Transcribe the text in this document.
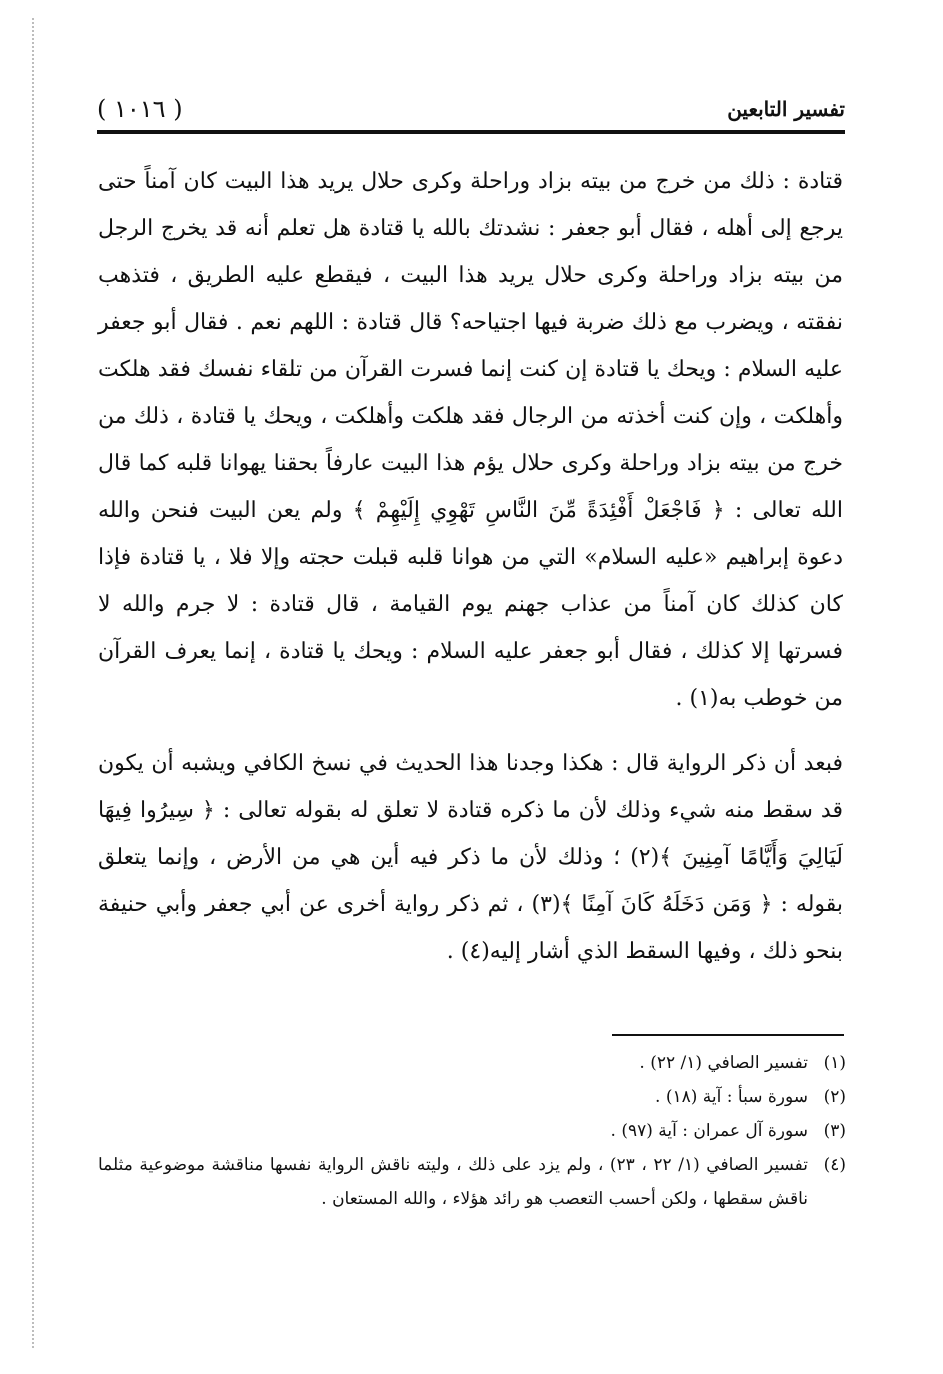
تفسير التابعين
( ١٠١٦ )

قتادة : ذلك من خرج من بيته بزاد وراحلة وكرى حلال يريد هذا البيت كان آمناً حتى يرجع إلى أهله ، فقال أبو جعفر : نشدتك بالله يا قتادة هل تعلم أنه قد يخرج الرجل من بيته بزاد وراحلة وكرى حلال يريد هذا البيت ، فيقطع عليه الطريق ، فتذهب نفقته ، ويضرب مع ذلك ضربة فيها اجتياحه؟ قال قتادة : اللهم نعم . فقال أبو جعفر عليه السلام : ويحك يا قتادة إن كنت إنما فسرت القرآن من تلقاء نفسك فقد هلكت وأهلكت ، وإن كنت أخذته من الرجال فقد هلكت وأهلكت ، ويحك يا قتادة ، ذلك من خرج من بيته بزاد وراحلة وكرى حلال يؤم هذا البيت عارفاً بحقنا يهوانا قلبه كما قال الله تعالى : ﴿ فَاجْعَلْ أَفْئِدَةً مِّنَ النَّاسِ تَهْوِي إِلَيْهِمْ ﴾ ولم يعن البيت فنحن والله دعوة إبراهيم «عليه السلام» التي من هوانا قلبه قبلت حجته وإلا فلا ، يا قتادة فإذا كان كذلك كان آمناً من عذاب جهنم يوم القيامة ، قال قتادة : لا جرم والله لا فسرتها إلا كذلك ، فقال أبو جعفر عليه السلام : ويحك يا قتادة ، إنما يعرف القرآن من خوطب به(١) .

فبعد أن ذكر الرواية قال : هكذا وجدنا هذا الحديث في نسخ الكافي ويشبه أن يكون قد سقط منه شيء وذلك لأن ما ذكره قتادة لا تعلق له بقوله تعالى : ﴿ سِيرُوا فِيهَا لَيَالِيَ وَأَيَّامًا آمِنِينَ ﴾(٢) ؛ وذلك لأن ما ذكر فيه أين هي من الأرض ، وإنما يتعلق بقوله : ﴿ وَمَن دَخَلَهُ كَانَ آمِنًا ﴾(٣) ، ثم ذكر رواية أخرى عن أبي جعفر وأبي حنيفة بنحو ذلك ، وفيها السقط الذي أشار إليه(٤) .

(١)تفسير الصافي (١/ ٢٢) .

(٢)سورة سبأ : آية (١٨) .

(٣)سورة آل عمران : آية (٩٧) .

(٤)تفسير الصافي (١/ ٢٢ ، ٢٣) ، ولم يزد على ذلك ، وليته ناقش الرواية نفسها مناقشة موضوعية مثلما ناقش سقطها ، ولكن أحسب التعصب هو رائد هؤلاء ، والله المستعان .
